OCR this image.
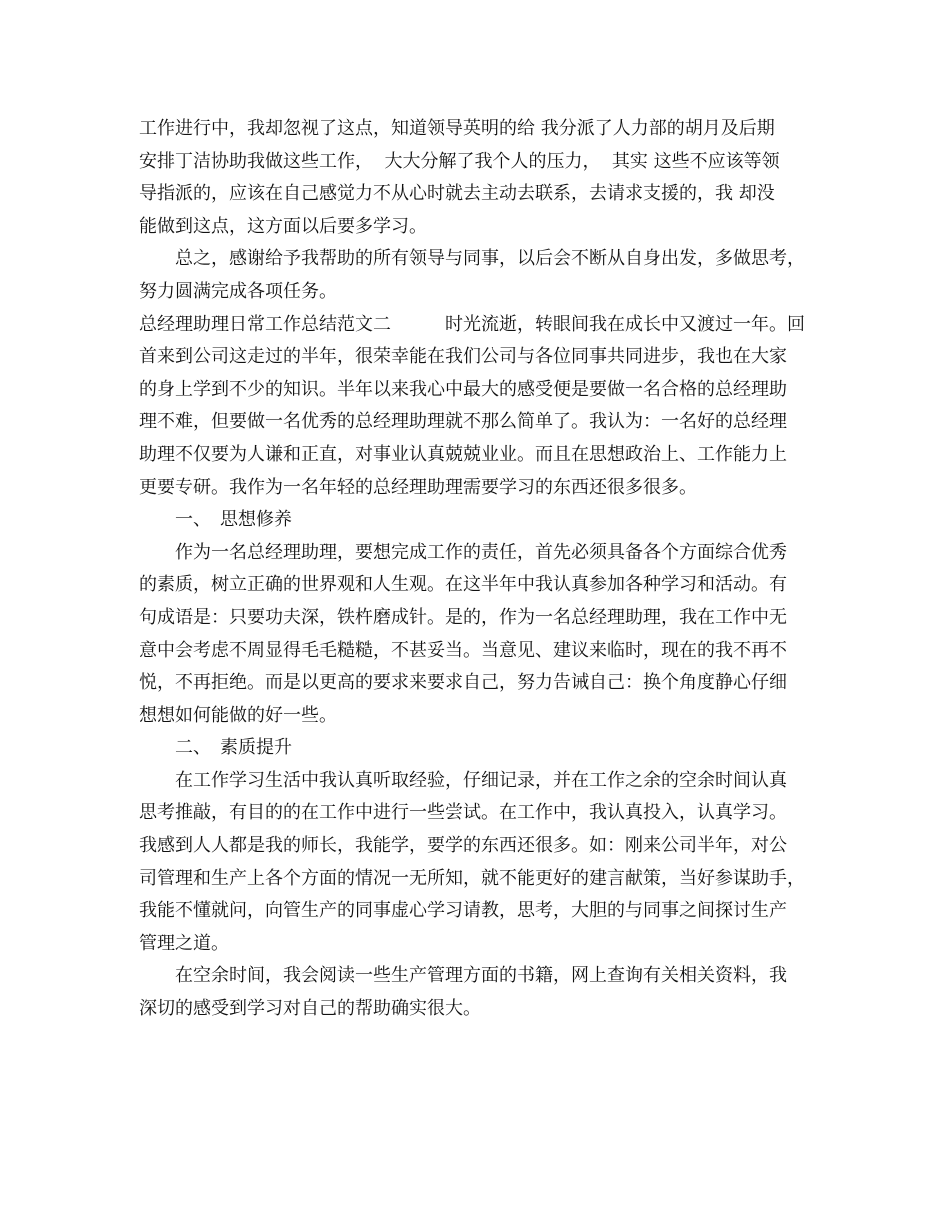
工作进行中，我却忽视了这点，知道领导英明的给 我分派了人力部的胡月及后期
安排丁洁协助我做这些工作，  大大分解了我个人的压力，  其实 这些不应该等领
导指派的，应该在自己感觉力不从心时就去主动去联系，去请求支援的，我 却没
能做到这点，这方面以后要多学习。
　　总之，感谢给予我帮助的所有领导与同事，以后会不断从自身出发，多做思考，
努力圆满完成各项任务。
总经理助理日常工作总结范文二　　　时光流逝，转眼间我在成长中又渡过一年。回
首来到公司这走过的半年，很荣幸能在我们公司与各位同事共同进步，我也在大家
的身上学到不少的知识。半年以来我心中最大的感受便是要做一名合格的总经理助
理不难，但要做一名优秀的总经理助理就不那么简单了。我认为：一名好的总经理
助理不仅要为人谦和正直，对事业认真兢兢业业。而且在思想政治上、工作能力上
更要专研。我作为一名年轻的总经理助理需要学习的东西还很多很多。
　　一、　思想修养
　　作为一名总经理助理，要想完成工作的责任，首先必须具备各个方面综合优秀
的素质，树立正确的世界观和人生观。在这半年中我认真参加各种学习和活动。有
句成语是：只要功夫深，铁杵磨成针。是的，作为一名总经理助理，我在工作中无
意中会考虑不周显得毛毛糙糙，不甚妥当。当意见、建议来临时，现在的我不再不
悦，不再拒绝。而是以更高的要求来要求自己，努力告诫自己：换个角度静心仔细
想想如何能做的好一些。
　　二、　素质提升
　　在工作学习生活中我认真听取经验，仔细记录，并在工作之余的空余时间认真
思考推敲，有目的的在工作中进行一些尝试。在工作中，我认真投入，认真学习。
我感到人人都是我的师长，我能学，要学的东西还很多。如：刚来公司半年，对公
司管理和生产上各个方面的情况一无所知，就不能更好的建言献策，当好参谋助手，
我能不懂就问，向管生产的同事虚心学习请教，思考，大胆的与同事之间探讨生产
管理之道。
　　在空余时间，我会阅读一些生产管理方面的书籍，网上查询有关相关资料，我
深切的感受到学习对自己的帮助确实很大。
